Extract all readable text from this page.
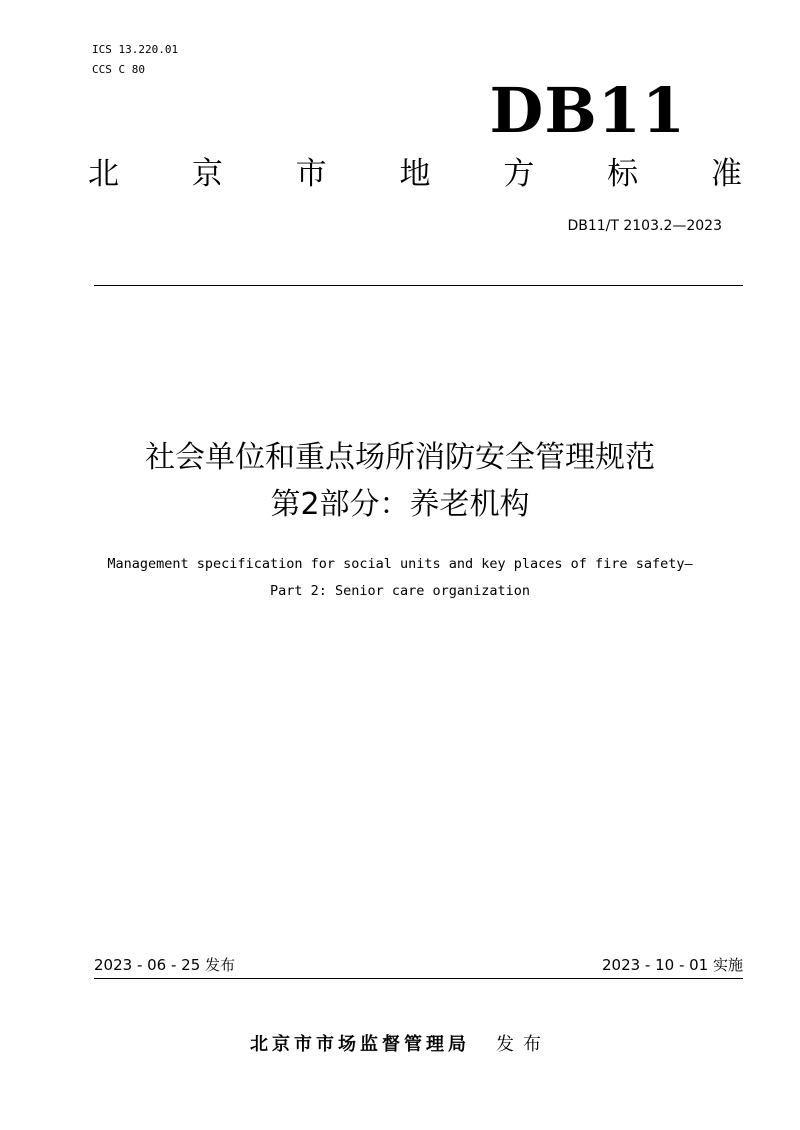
ICS 13.220.01
CCS C 80
DB11
北 京 市 地 方 标 准
DB11/T 2103.2—2023
社会单位和重点场所消防安全管理规范
第2部分：养老机构
Management specification for social units and key places of fire safety—
Part 2: Senior care organization
2023 - 06 - 25 发布	2023 - 10 - 01 实施
北京市市场监督管理局 发布
